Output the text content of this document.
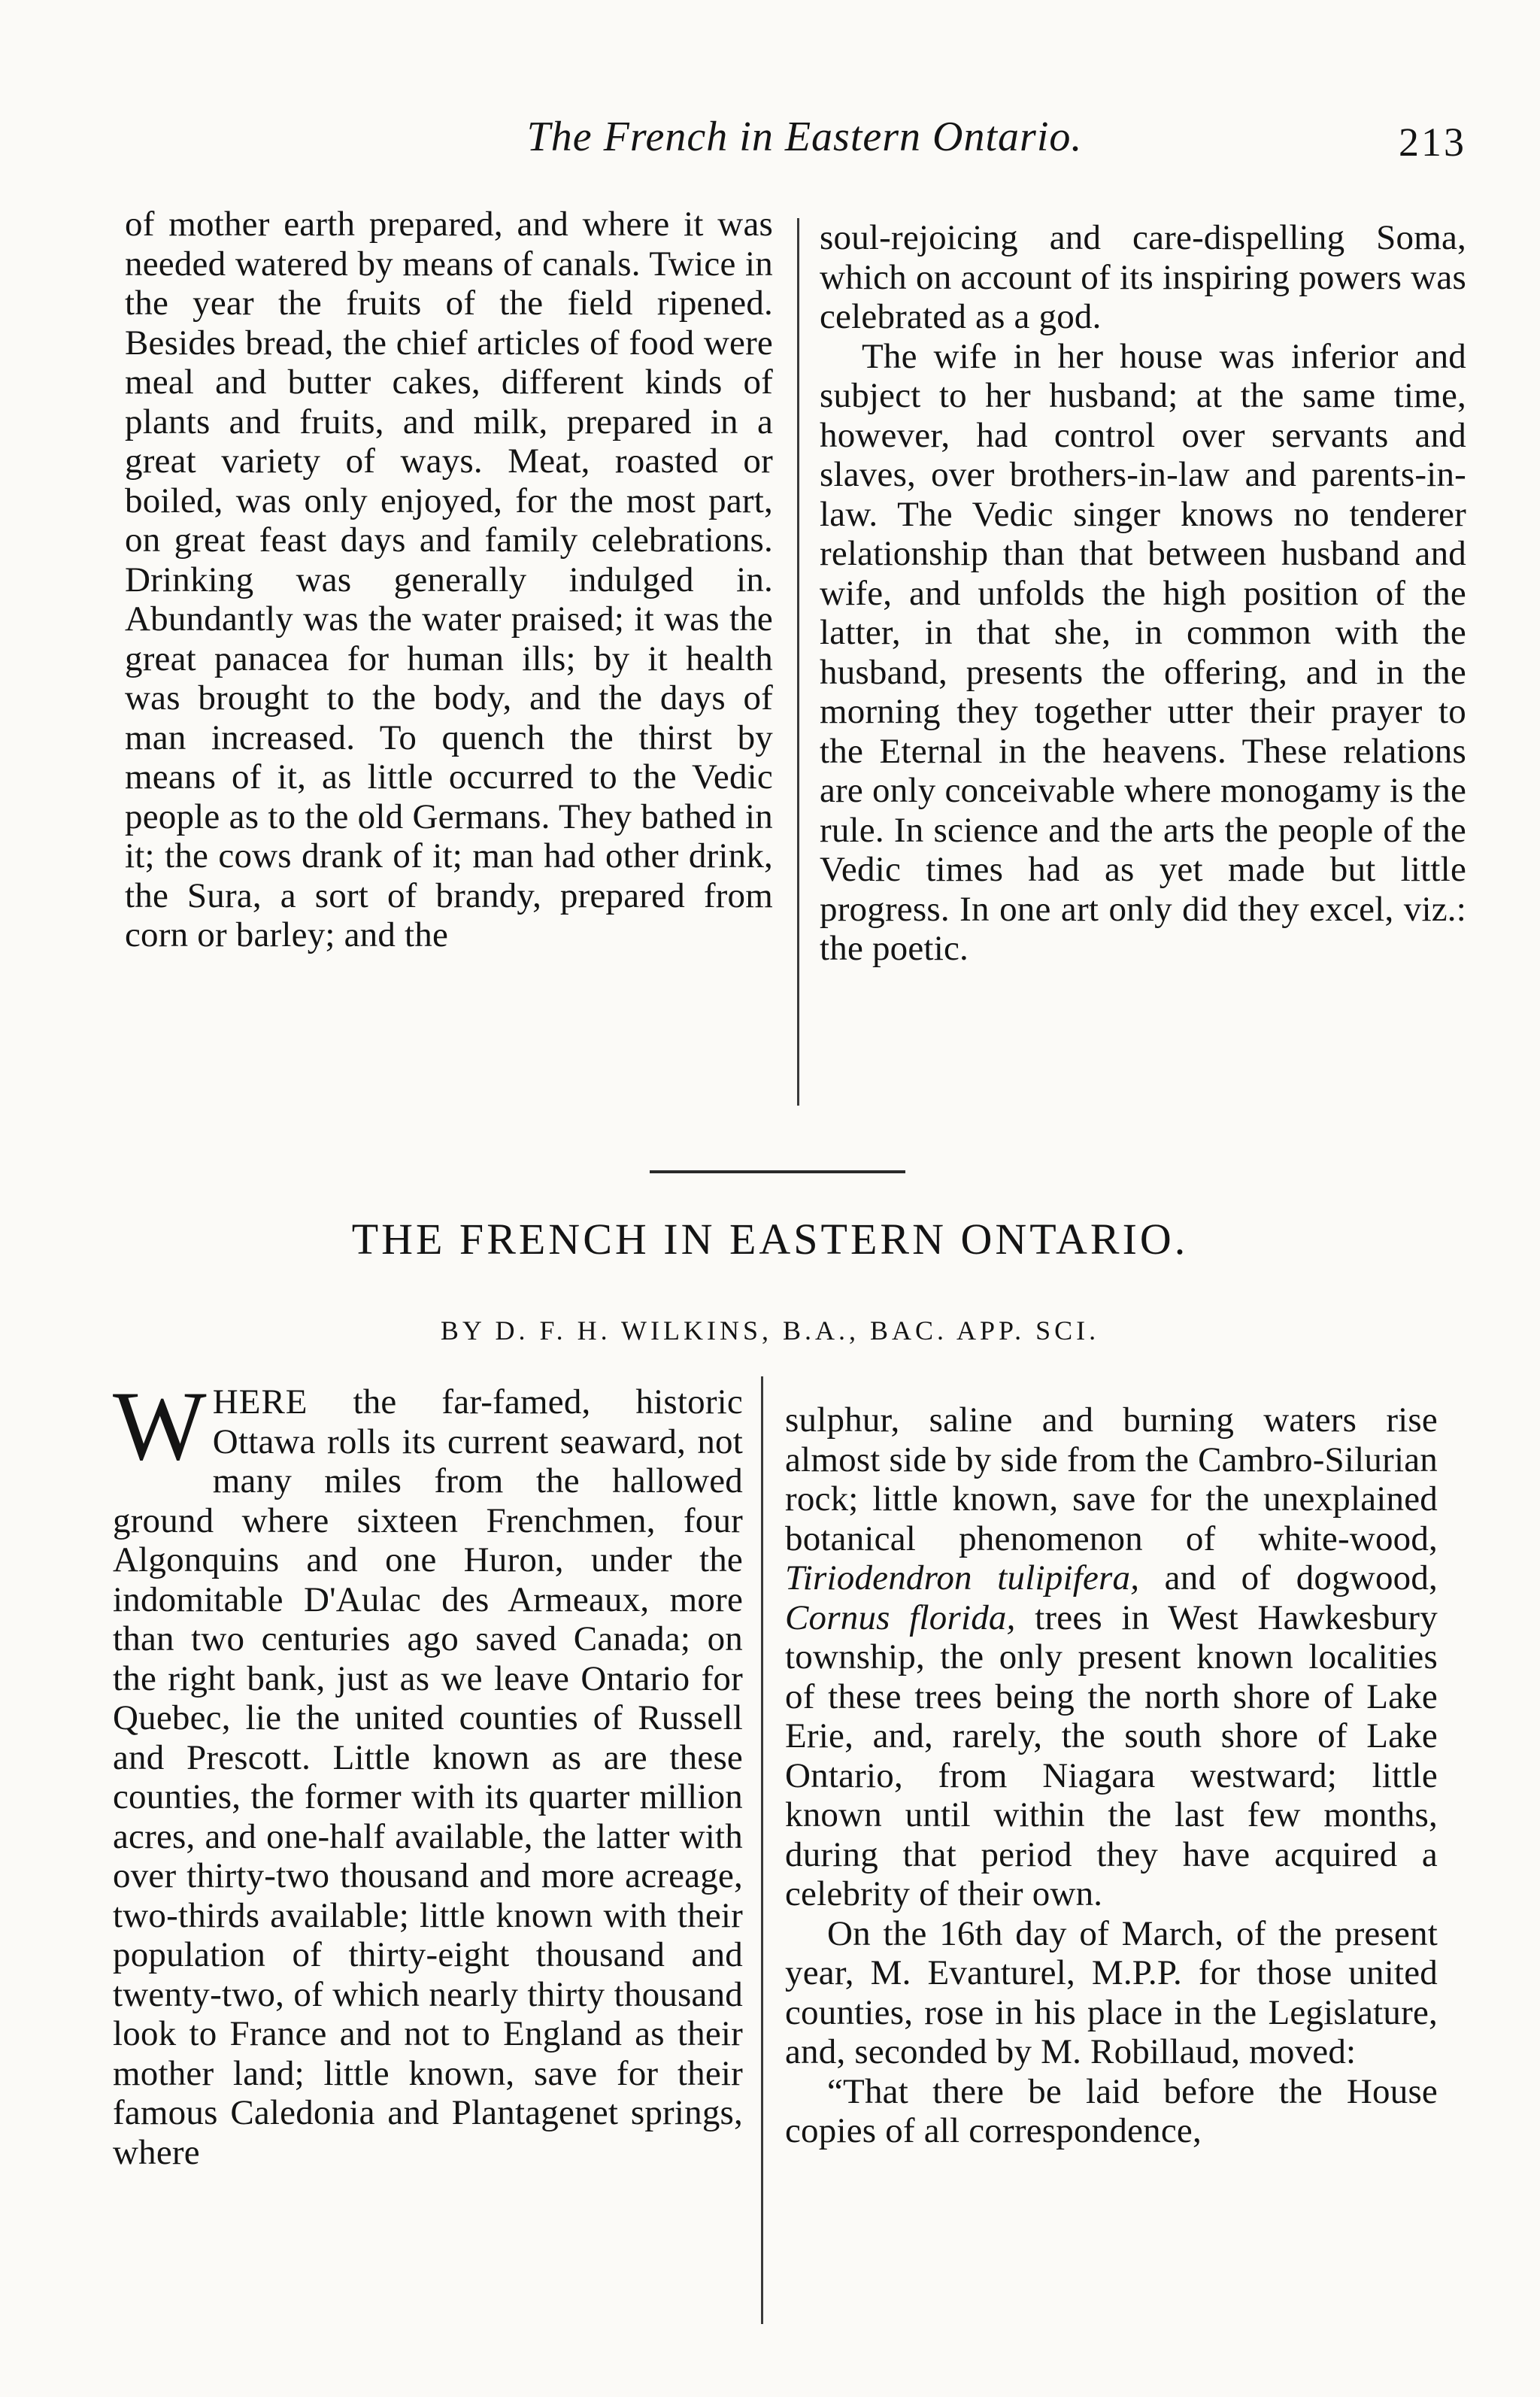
The French in Eastern Ontario.	213

of mother earth prepared, and where it was needed watered by means of canals. Twice in the year the fruits of the field ripened. Besides bread, the chief articles of food were meal and butter cakes, different kinds of plants and fruits, and milk, prepared in a great variety of ways. Meat, roasted or boiled, was only enjoyed, for the most part, on great feast days and family celebrations. Drinking was generally indulged in. Abundantly was the water praised; it was the great panacea for human ills; by it health was brought to the body, and the days of man increased. To quench the thirst by means of it, as little occurred to the Vedic people as to the old Germans. They bathed in it; the cows drank of it; man had other drink, the Sura, a sort of brandy, prepared from corn or barley; and the

soul-rejoicing and care-dispelling Soma, which on account of its inspiring powers was celebrated as a god.

The wife in her house was inferior and subject to her husband; at the same time, however, had control over servants and slaves, over brothers-in-law and parents-in-law. The Vedic singer knows no tenderer relationship than that between husband and wife, and unfolds the high position of the latter, in that she, in common with the husband, presents the offering, and in the morning they together utter their prayer to the Eternal in the heavens. These relations are only conceivable where monogamy is the rule. In science and the arts the people of the Vedic times had as yet made but little progress. In one art only did they excel, viz.: the poetic.

THE FRENCH IN EASTERN ONTARIO.
BY D. F. H. WILKINS, B.A., BAC. APP. SCI.

WHERE the far-famed, historic Ottawa rolls its current seaward, not many miles from the hallowed ground where sixteen Frenchmen, four Algonquins and one Huron, under the indomitable D'Aulac des Armeaux, more than two centuries ago saved Canada; on the right bank, just as we leave Ontario for Quebec, lie the united counties of Russell and Prescott. Little known as are these counties, the former with its quarter million acres, and one-half available, the latter with over thirty-two thousand and more acreage, two-thirds available; little known with their population of thirty-eight thousand and twenty-two, of which nearly thirty thousand look to France and not to England as their mother land; little known, save for their famous Caledonia and Plantagenet springs, where

sulphur, saline and burning waters rise almost side by side from the Cambro-Silurian rock; little known, save for the unexplained botanical phenomenon of white-wood, Tiriodendron tulipifera, and of dogwood, Cornus florida, trees in West Hawkesbury township, the only present known localities of these trees being the north shore of Lake Erie, and, rarely, the south shore of Lake Ontario, from Niagara westward; little known until within the last few months, during that period they have acquired a celebrity of their own.

On the 16th day of March, of the present year, M. Evanturel, M.P.P. for those united counties, rose in his place in the Legislature, and, seconded by M. Robillaud, moved:

“That there be laid before the House copies of all correspondence,
